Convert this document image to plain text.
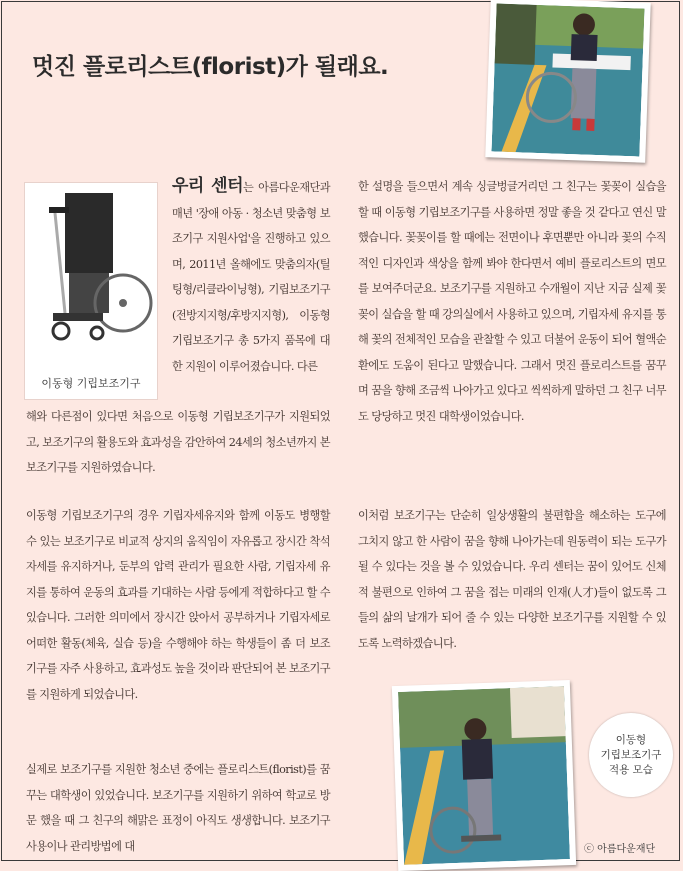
멋진 플로리스트(florist)가 될래요.
이동형 기립보조기구

우리 센터는 아름다운재단과 매년 '장애 아동 · 청소년 맞춤형 보조기구 지원사업'을 진행하고 있으며, 2011년 올해에도 맞춤의자(틸팅형/리클라이닝형), 기립보조기구(전방지지형/후방지지형), 이동형 기립보조기구 총 5가지 품목에 대한 지원이 이루어졌습니다. 다른

해와 다른점이 있다면 처음으로 이동형 기립보조기구가 지원되었고, 보조기구의 활용도와 효과성을 감안하여 24세의 청소년까지 본 보조기구를 지원하였습니다.

이동형 기립보조기구의 경우 기립자세유지와 함께 이동도 병행할 수 있는 보조기구로 비교적 상지의 움직임이 자유롭고 장시간 착석자세를 유지하거나, 둔부의 압력 관리가 필요한 사람, 기립자세 유지를 통하여 운동의 효과를 기대하는 사람 등에게 적합하다고 할 수 있습니다. 그러한 의미에서 장시간 앉아서 공부하거나 기립자세로 어떠한 활동(체육, 실습 등)을 수행해야 하는 학생들이 좀 더 보조기구를 자주 사용하고, 효과성도 높을 것이라 판단되어 본 보조기구를 지원하게 되었습니다.

실제로 보조기구를 지원한 청소년 중에는 플로리스트(florist)를 꿈꾸는 대학생이 있었습니다. 보조기구를 지원하기 위하여 학교로 방문 했을 때 그 친구의 해맑은 표정이 아직도 생생합니다. 보조기구 사용이나 관리방법에 대

한 설명을 들으면서 계속 싱글벙글거리던 그 친구는 꽃꽂이 실습을 할 때 이동형 기립보조기구를 사용하면 정말 좋을 것 같다고 연신 말했습니다. 꽃꽂이를 할 때에는 전면이나 후면뿐만 아니라 꽃의 수직적인 디자인과 색상을 함께 봐야 한다면서 예비 플로리스트의 면모를 보여주더군요. 보조기구를 지원하고 수개월이 지난 지금 실제 꽃꽂이 실습을 할 때 강의실에서 사용하고 있으며, 기립자세 유지를 통해 꽃의 전체적인 모습을 관찰할 수 있고 더불어 운동이 되어 혈액순환에도 도움이 된다고 말했습니다. 그래서 멋진 플로리스트를 꿈꾸며 꿈을 향해 조금씩 나아가고 있다고 씩씩하게 말하던 그 친구 너무도 당당하고 멋진 대학생이었습니다.

이처럼 보조기구는 단순히 일상생활의 불편함을 해소하는 도구에 그치지 않고 한 사람이 꿈을 향해 나아가는데 원동력이 되는 도구가 될 수 있다는 것을 볼 수 있었습니다. 우리 센터는 꿈이 있어도 신체적 불편으로 인하여 그 꿈을 접는 미래의 인재(人才)들이 없도록 그들의 삶의 날개가 되어 줄 수 있는 다양한 보조기구를 지원할 수 있도록 노력하겠습니다.

이동형
기립보조기구
적용 모습
ⓒ 아름다운재단
